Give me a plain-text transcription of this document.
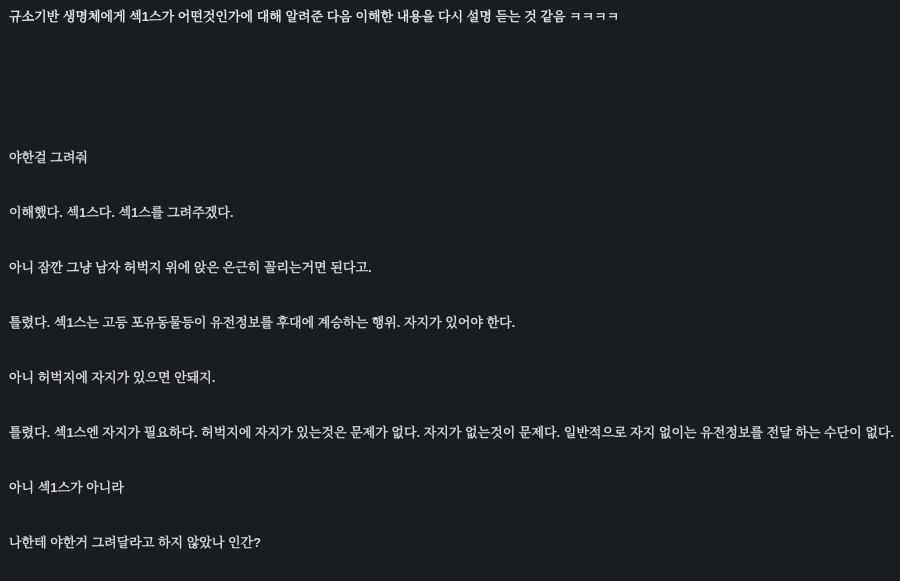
규소기반 생명체에게 섹1스가 어떤것인가에 대해 알려준 다음 이해한 내용을 다시 설명 듣는 것 같음 ㅋㅋㅋㅋ
야한걸 그려줘
이해했다. 섹1스다. 섹1스를 그려주겠다.
아니 잠깐 그냥 남자 허벅지 위에 앉은 은근히 꼴리는거면 된다고.
틀렸다. 섹1스는 고등 포유동물등이 유전정보를 후대에 계승하는 행위. 자지가 있어야 한다.
아니 허벅지에 자지가 있으면 안돼지.
틀렸다. 섹1스엔 자지가 필요하다. 허벅지에 자지가 있는것은 문제가 없다. 자지가 없는것이 문제다. 일반적으로 자지 없이는 유전정보를 전달 하는 수단이 없다.
아니 섹1스가 아니라
나한테 야한거 그려달라고 하지 않았나 인간?
